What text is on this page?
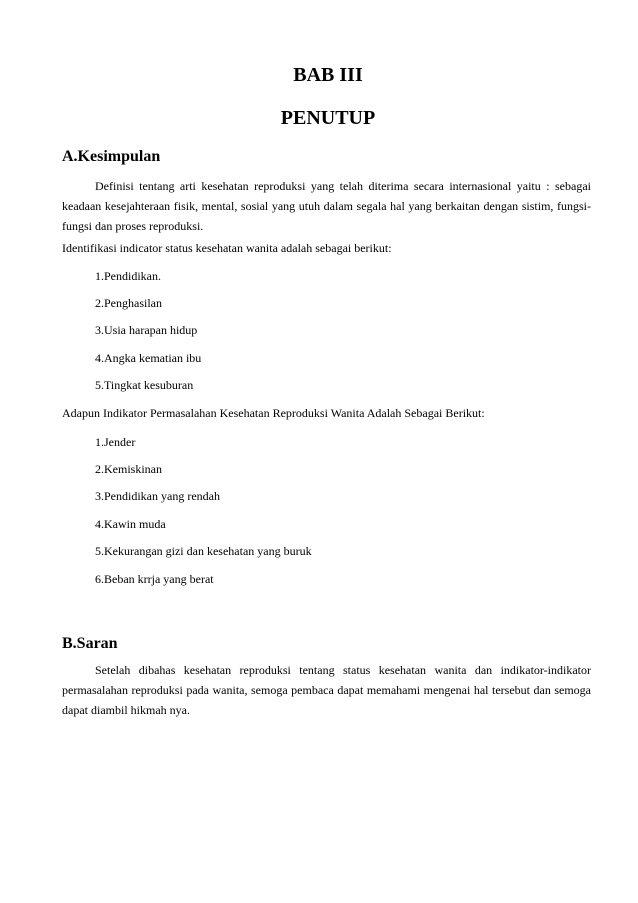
BAB III
PENUTUP
A.Kesimpulan
Definisi tentang arti kesehatan reproduksi yang telah diterima secara internasional yaitu : sebagai keadaan kesejahteraan fisik, mental, sosial yang utuh dalam segala hal yang berkaitan dengan sistim, fungsi-fungsi dan proses reproduksi.
Identifikasi indicator status kesehatan wanita adalah sebagai berikut:
1.Pendidikan.
2.Penghasilan
3.Usia harapan hidup
4.Angka kematian ibu
5.Tingkat kesuburan
Adapun Indikator Permasalahan Kesehatan Reproduksi Wanita Adalah Sebagai Berikut:
1.Jender
2.Kemiskinan
3.Pendidikan yang rendah
4.Kawin muda
5.Kekurangan gizi dan kesehatan yang buruk
6.Beban krrja yang berat
B.Saran
Setelah dibahas kesehatan reproduksi tentang status kesehatan wanita dan indikator-indikator permasalahan reproduksi pada wanita, semoga pembaca dapat memahami mengenai hal tersebut dan semoga dapat diambil hikmah nya.
